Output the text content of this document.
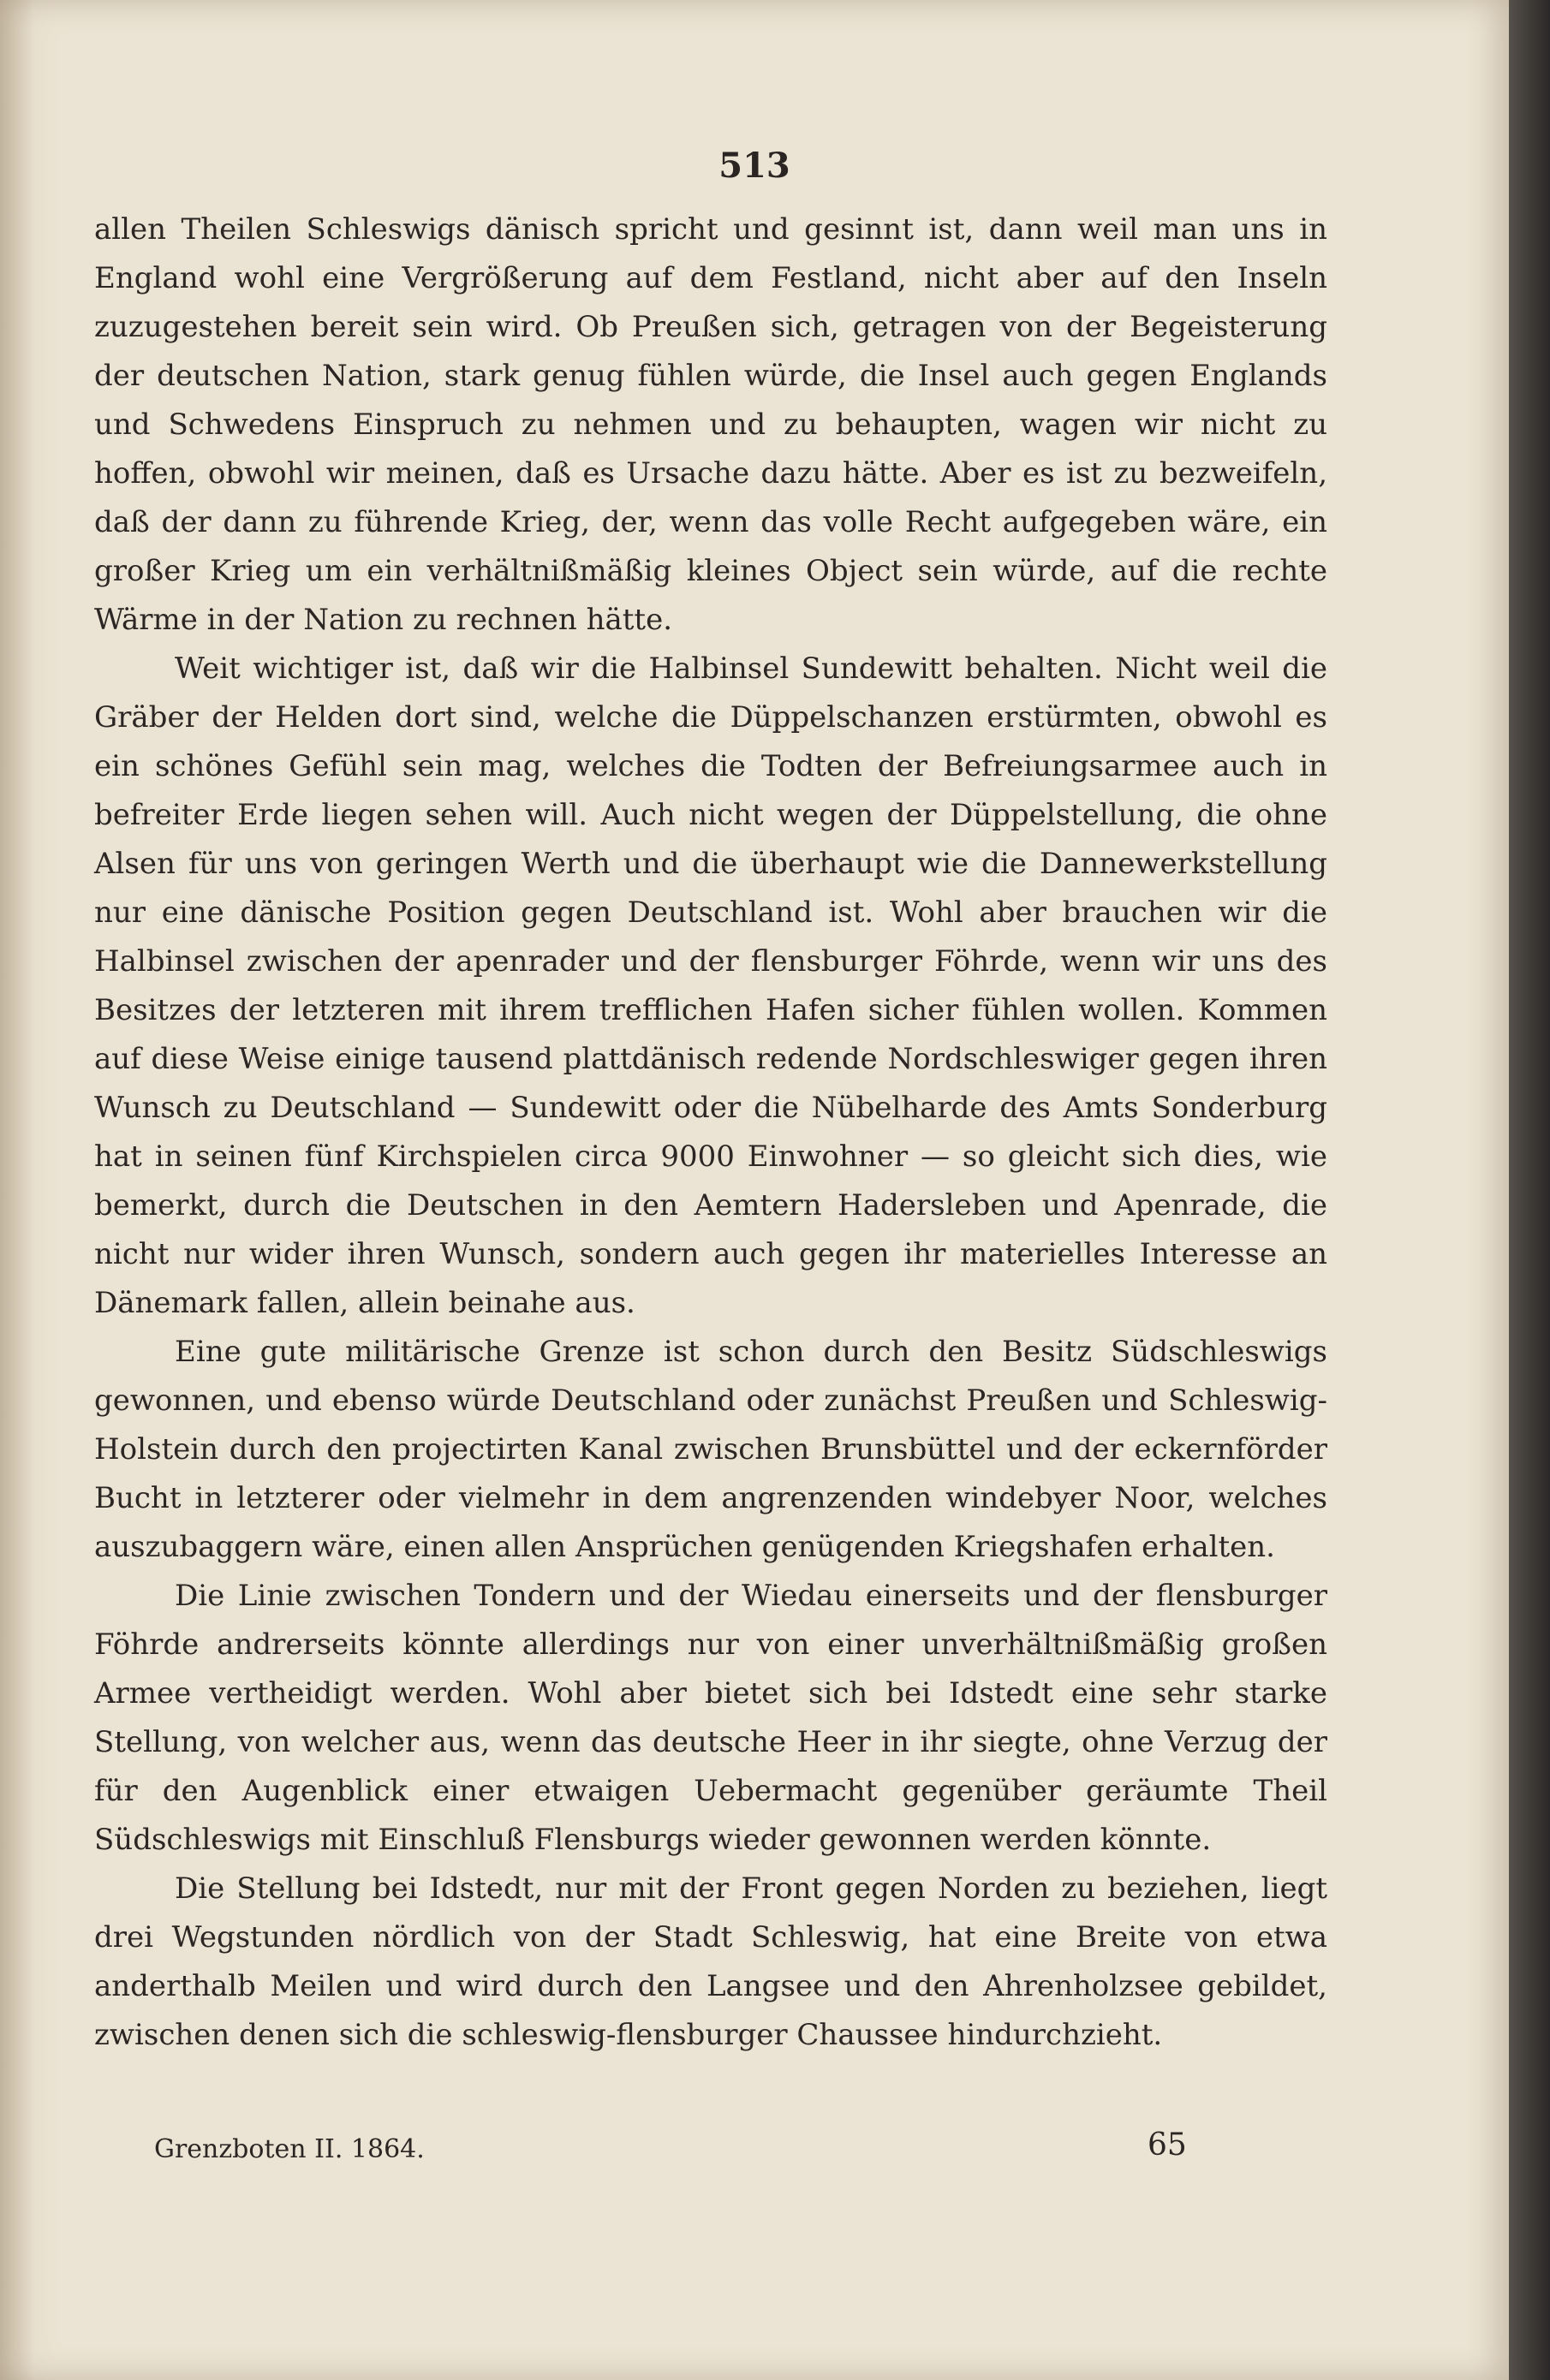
513

allen Theilen Schleswigs dänisch spricht und gesinnt ist, dann weil man uns in England wohl eine Vergrößerung auf dem Festland, nicht aber auf den Inseln zuzugestehen bereit sein wird. Ob Preußen sich, getragen von der Begeisterung der deutschen Nation, stark genug fühlen würde, die Insel auch gegen Englands und Schwedens Einspruch zu nehmen und zu behaupten, wagen wir nicht zu hoffen, obwohl wir meinen, daß es Ursache dazu hätte. Aber es ist zu bezweifeln, daß der dann zu führende Krieg, der, wenn das volle Recht aufgegeben wäre, ein großer Krieg um ein verhältnißmäßig kleines Object sein würde, auf die rechte Wärme in der Nation zu rechnen hätte.

Weit wichtiger ist, daß wir die Halbinsel Sundewitt behalten. Nicht weil die Gräber der Helden dort sind, welche die Düppelschanzen erstürmten, obwohl es ein schönes Gefühl sein mag, welches die Todten der Befreiungsarmee auch in befreiter Erde liegen sehen will. Auch nicht wegen der Düppelstellung, die ohne Alsen für uns von geringen Werth und die überhaupt wie die Dannewerkstellung nur eine dänische Position gegen Deutschland ist. Wohl aber brauchen wir die Halbinsel zwischen der apenrader und der flensburger Föhrde, wenn wir uns des Besitzes der letzteren mit ihrem trefflichen Hafen sicher fühlen wollen. Kommen auf diese Weise einige tausend plattdänisch redende Nordschleswiger gegen ihren Wunsch zu Deutschland — Sundewitt oder die Nübelharde des Amts Sonderburg hat in seinen fünf Kirchspielen circa 9000 Einwohner — so gleicht sich dies, wie bemerkt, durch die Deutschen in den Aemtern Hadersleben und Apenrade, die nicht nur wider ihren Wunsch, sondern auch gegen ihr materielles Interesse an Dänemark fallen, allein beinahe aus.

Eine gute militärische Grenze ist schon durch den Besitz Südschleswigs gewonnen, und ebenso würde Deutschland oder zunächst Preußen und Schleswig-Holstein durch den projectirten Kanal zwischen Brunsbüttel und der eckernförder Bucht in letzterer oder vielmehr in dem angrenzenden windebyer Noor, welches auszubaggern wäre, einen allen Ansprüchen genügenden Kriegshafen erhalten.

Die Linie zwischen Tondern und der Wiedau einerseits und der flensburger Föhrde andrerseits könnte allerdings nur von einer unverhältnißmäßig großen Armee vertheidigt werden. Wohl aber bietet sich bei Idstedt eine sehr starke Stellung, von welcher aus, wenn das deutsche Heer in ihr siegte, ohne Verzug der für den Augenblick einer etwaigen Uebermacht gegenüber geräumte Theil Südschleswigs mit Einschluß Flensburgs wieder gewonnen werden könnte.

Die Stellung bei Idstedt, nur mit der Front gegen Norden zu beziehen, liegt drei Wegstunden nördlich von der Stadt Schleswig, hat eine Breite von etwa anderthalb Meilen und wird durch den Langsee und den Ahrenholzsee gebildet, zwischen denen sich die schleswig-flensburger Chaussee hindurchzieht.

Grenzboten II. 1864.	65
